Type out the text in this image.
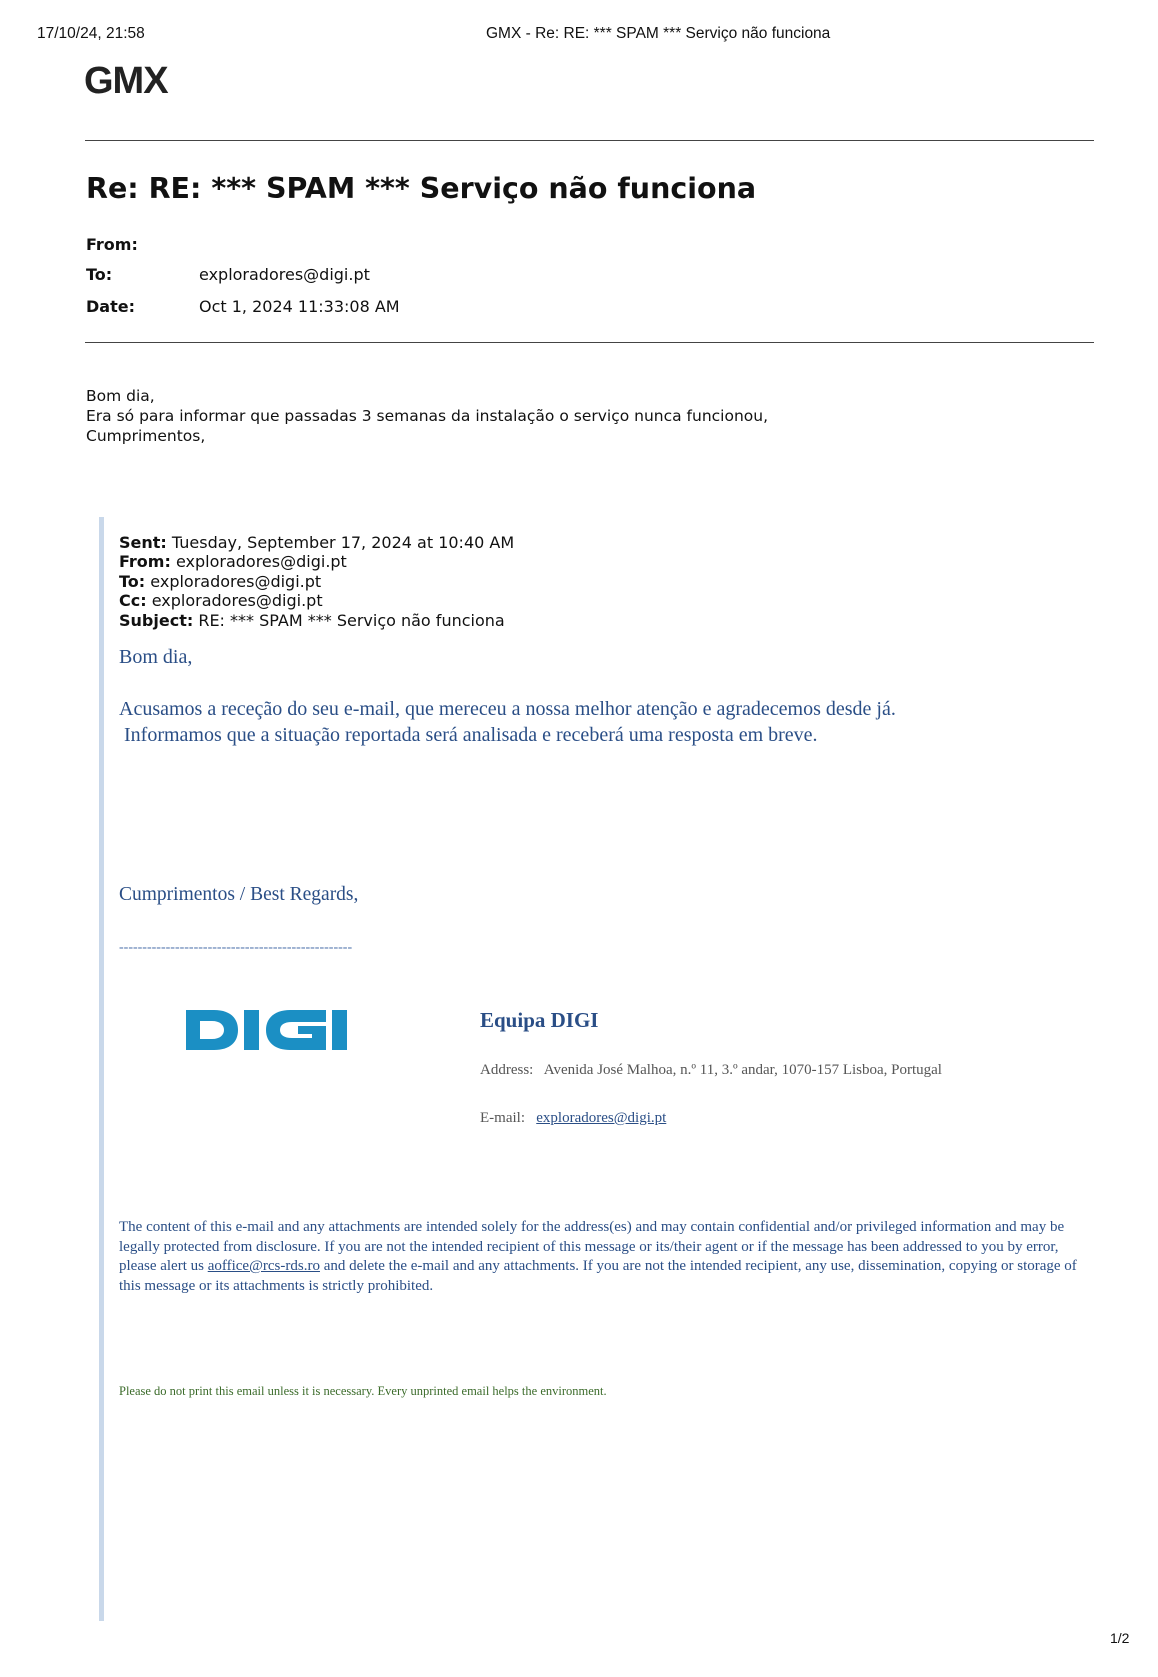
17/10/24, 21:58	GMX - Re: RE: *** SPAM *** Serviço não funciona
GMX
Re: RE: *** SPAM *** Serviço não funciona
From:
To:	exploradores@digi.pt
Date:	Oct 1, 2024 11:33:08 AM
Bom dia,
Era só para informar que passadas 3 semanas da instalação o serviço nunca funcionou,
Cumprimentos,
Sent: Tuesday, September 17, 2024 at 10:40 AM
From: exploradores@digi.pt
To: exploradores@digi.pt
Cc: exploradores@digi.pt
Subject: RE: *** SPAM *** Serviço não funciona
Bom dia,
Acusamos a receção do seu e-mail, que mereceu a nossa melhor atenção e agradecemos desde já.
Informamos que a situação reportada será analisada e receberá uma resposta em breve.
Cumprimentos / Best Regards,
--------------------------------------------------
Equipa DIGI
Address: Avenida José Malhoa, n.º 11, 3.º andar, 1070-157 Lisboa, Portugal
E-mail: exploradores@digi.pt
The content of this e-mail and any attachments are intended solely for the address(es) and may contain confidential and/or privileged information and may be legally protected from disclosure. If you are not the intended recipient of this message or its/their agent or if the message has been addressed to you by error, please alert us aoffice@rcs-rds.ro and delete the e-mail and any attachments. If you are not the intended recipient, any use, dissemination, copying or storage of this message or its attachments is strictly prohibited.
Please do not print this email unless it is necessary. Every unprinted email helps the environment.
1/2
